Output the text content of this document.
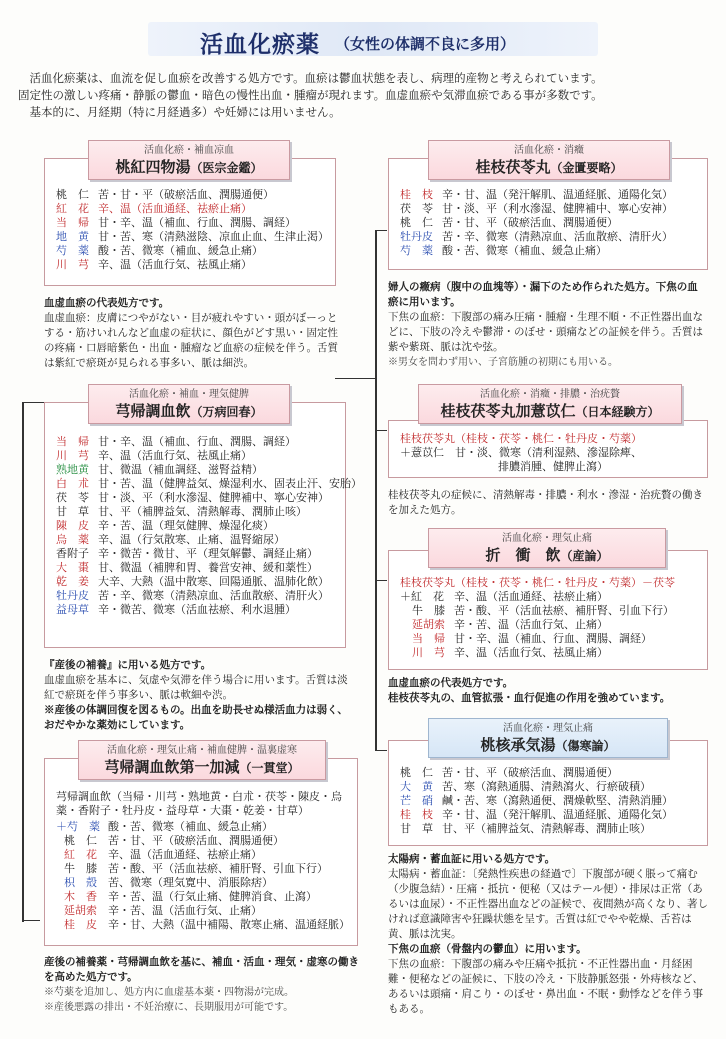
活血化瘀薬 （女性の体調不良に多用）

活血化瘀薬は、血流を促し血瘀を改善する処方です。血瘀は鬱血状態を表し、病理的産物と考えられています。

固定性の激しい疼痛・静脈の鬱血・暗色の慢性出血・腫瘤が現れます。血虚血瘀や気滞血瘀である事が多数です。

基本的に、月経期（特に月経過多）や妊婦には用いません。

活血化瘀・補血凉血
桃紅四物湯（医宗金鑑）
桃　仁 苦・甘・平（破瘀活血、潤腸通便）
紅　花 辛、温（活血通経、祛瘀止痛）
当　帰 甘・辛、温（補血、行血、潤腸、調経）
地　黄 甘・苦、寒（清熱滋陰、凉血止血、生津止渇）
芍　薬 酸・苦、微寒（補血、緩急止痛）
川　芎 辛、温（活血行気、祛風止痛）
血虚血瘀の代表処方です。
血虚血瘀：皮膚につやがない・目が疲れやすい・頭がぼーっとする・筋けいれんなど血虚の症状に、顔色がどす黒い・固定性の疼痛・口唇暗紫色・出血・腫瘤など血瘀の症候を伴う。舌質は紫紅で瘀斑が見られる事多い、脈は細渋。
活血化瘀・補血・理気健脾
芎帰調血飲（万病回春）
当　帰 甘・辛、温（補血、行血、潤腸、調経）
川　芎 辛、温（活血行気、祛風止痛）
熟地黄 甘、微温（補血調経、滋腎益精）
白　朮 甘・苦、温（健脾益気、燥湿利水、固表止汗、安胎）
茯　苓 甘・淡、平（利水滲湿、健脾補中、寧心安神）
甘　草 甘、平（補脾益気、清熱解毒、潤肺止咳）
陳　皮 辛・苦、温（理気健脾、燥湿化痰）
烏　薬 辛、温（行気散寒、止痛、温腎縮尿）
香附子 辛・微苦・微甘、平（理気解鬱、調経止痛）
大　棗 甘、微温（補脾和胃、養営安神、緩和薬性）
乾　姜 大辛、大熱（温中散寒、回陽通脈、温肺化飲）
牡丹皮 苦・辛、微寒（清熱凉血、活血散瘀、清肝火）
益母草 辛・微苦、微寒（活血祛瘀、利水退腫）
『産後の補養』に用いる処方です。
血虚血瘀を基本に、気虚や気滞を伴う場合に用います。舌質は淡紅で瘀斑を伴う事多い、脈は軟細や渋。
※産後の体調回復を図るもの。出血を助長せぬ様活血力は弱く、おだやかな薬効にしています。
活血化瘀・理気止痛・補血健脾・温裏虚寒
芎帰調血飲第一加減（一貫堂）
芎帰調血飲（当帰・川芎・熟地黄・白朮・茯苓・陳皮・烏薬・香附子・牡丹皮・益母草・大棗・乾姜・甘草）
＋芍　薬 酸・苦、微寒（補血、緩急止痛）
桃　仁 苦・甘、平（破瘀活血、潤腸通便）
紅　花 辛、温（活血通経、祛瘀止痛）
牛　膝 苦・酸、平（活血祛瘀、補肝腎、引血下行）
枳　殻 苦、微寒（理気寛中、消脹除痞）
木　香 辛・苦、温（行気止痛、健脾消食、止瀉）
延胡索 辛・苦、温（活血行気、止痛）
桂　皮 辛・甘、大熱（温中補陽、散寒止痛、温通経脈）
産後の補養薬・芎帰調血飲を基に、補血・活血・理気・虚寒の働きを高めた処方です。
※芍薬を追加し、処方内に血虚基本薬・四物湯が完成。
※産後悪露の排出・不妊治療に、長期服用が可能です。
活血化瘀・消癥
桂枝茯苓丸（金匱要略）
桂　枝 辛・甘、温（発汗解肌、温通経脈、通陽化気）
茯　苓 甘・淡、平（利水滲湿、健脾補中、寧心安神）
桃　仁 苦・甘、平（破瘀活血、潤腸通便）
牡丹皮 苦・辛、微寒（清熱凉血、活血散瘀、清肝火）
芍　薬 酸・苦、微寒（補血、緩急止痛）
婦人の癥病（腹中の血塊等）・漏下のため作られた処方。下焦の血瘀に用います。
下焦の血瘀：下腹部の痛み圧痛・腫瘤・生理不順・不正性器出血などに、下肢の冷えや鬱滞・のぼせ・頭痛などの証候を伴う。舌質は紫や紫斑、脈は沈や弦。
※男女を問わず用い、子宮筋腫の初期にも用いる。
活血化瘀・消癥・排膿・治疣贅
桂枝茯苓丸加薏苡仁（日本経験方）
桂枝茯苓丸（桂枝・茯苓・桃仁・牡丹皮・芍薬）
＋薏苡仁　甘・淡、微寒（清利湿熱、滲湿除痺、
排膿消腫、健脾止瀉）
桂枝茯苓丸の症候に、清熱解毒・排膿・利水・滲湿・治疣贅の働きを加えた処方。
活血化瘀・理気止痛
折　衝　飲（産論）
桂枝茯苓丸（桂枝・茯苓・桃仁・牡丹皮・芍薬）－茯苓
＋紅　花 辛、温（活血通経、祛瘀止痛）
牛　膝 苦・酸、平（活血祛瘀、補肝腎、引血下行）
延胡索 辛・苦、温（活血行気、止痛）
当　帰 甘・辛、温（補血、行血、潤腸、調経）
川　芎 辛、温（活血行気、祛風止痛）
血虚血瘀の代表処方です。
桂枝茯苓丸の、血管拡張・血行促進の作用を強めています。
活血化瘀・理気止痛
桃核承気湯（傷寒論）
桃　仁 苦・甘、平（破瘀活血、潤腸通便）
大　黄 苦、寒（瀉熱通腸、清熱瀉火、行瘀破積）
芒　硝 鹹・苦、寒（瀉熱通便、潤燥軟堅、清熱消腫）
桂　枝 辛・甘、温（発汗解肌、温通経脈、通陽化気）
甘　草 甘、平（補脾益気、清熱解毒、潤肺止咳）
太陽病・蓄血証に用いる処方です。
太陽病・蓄血証：〔発熱性疾患の経過で〕下腹部が硬く脹って痛む（少腹急結）・圧痛・抵抗・便秘（又はテール便）・排尿は正常（あるいは血尿）・不正性器出血などの証候で、夜間熱が高くなり、著しければ意識障害や狂躁状態を呈す。舌質は紅でやや乾燥、舌苔は黄、脈は沈実。
下焦の血瘀（骨盤内の鬱血）に用います。
下焦の血瘀：下腹部の痛みや圧痛や抵抗・不正性器出血・月経困難・便秘などの証候に、下肢の冷え・下肢静脈怒張・外痔核など、あるいは頭痛・肩こり・のぼせ・鼻出血・不眠・動悸などを伴う事もある。
